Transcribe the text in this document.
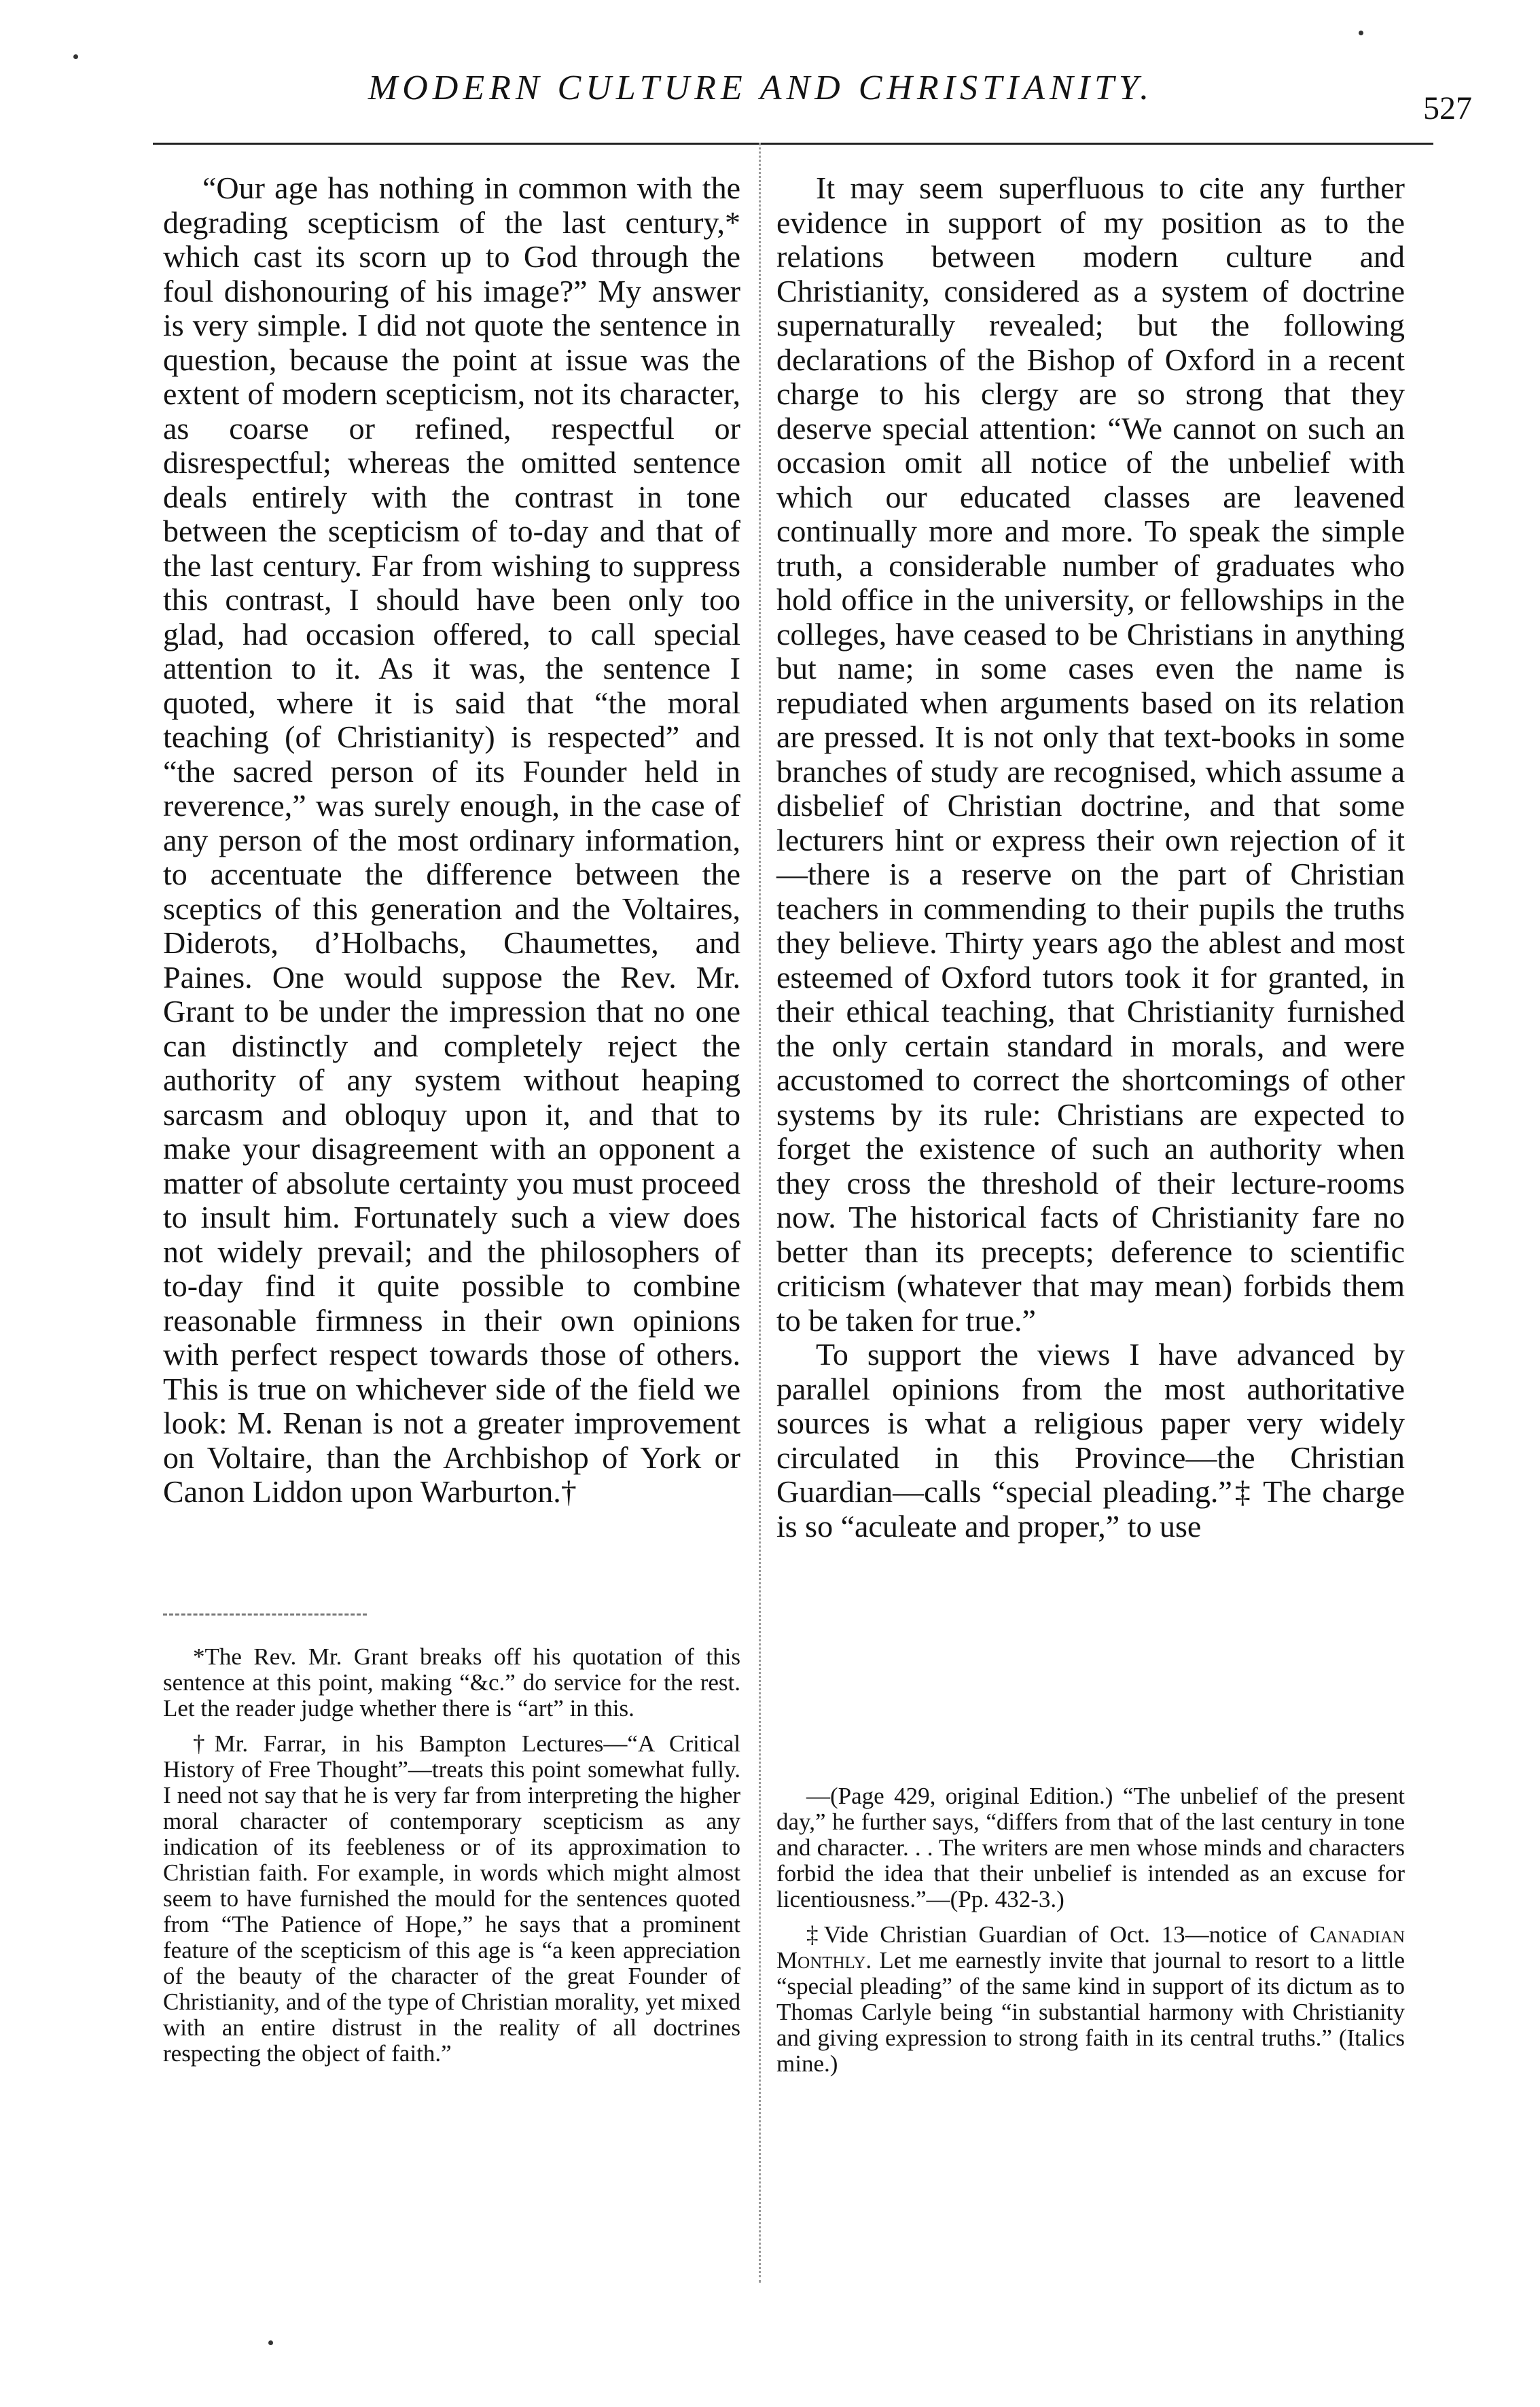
MODERN CULTURE AND CHRISTIANITY.
527

“Our age has nothing in common with the degrading scepticism of the last century,* which cast its scorn up to God through the foul dishonouring of his image?” My answer is very simple. I did not quote the sentence in question, because the point at issue was the extent of modern scepticism, not its character, as coarse or refined, respectful or disrespectful; whereas the omitted sentence deals entirely with the contrast in tone between the scepticism of to-day and that of the last century. Far from wishing to suppress this contrast, I should have been only too glad, had occasion offered, to call special attention to it. As it was, the sentence I quoted, where it is said that “the moral teaching (of Christianity) is respected” and “the sacred person of its Founder held in reverence,” was surely enough, in the case of any person of the most ordinary information, to accentuate the difference between the sceptics of this generation and the Voltaires, Diderots, d’Holbachs, Chaumettes, and Paines. One would suppose the Rev. Mr. Grant to be under the impression that no one can distinctly and completely reject the authority of any system without heaping sarcasm and obloquy upon it, and that to make your disagreement with an opponent a matter of absolute certainty you must proceed to insult him. Fortunately such a view does not widely prevail; and the philosophers of to-day find it quite possible to combine reasonable firmness in their own opinions with perfect respect towards those of others. This is true on whichever side of the field we look: M. Renan is not a greater improvement on Voltaire, than the Archbishop of York or Canon Liddon upon Warburton.†

It may seem superfluous to cite any further evidence in support of my position as to the relations between modern culture and Christianity, considered as a system of doctrine supernaturally revealed; but the following declarations of the Bishop of Oxford in a recent charge to his clergy are so strong that they deserve special attention: “We cannot on such an occasion omit all notice of the unbelief with which our educated classes are leavened continually more and more. To speak the simple truth, a considerable number of graduates who hold office in the university, or fellowships in the colleges, have ceased to be Christians in anything but name; in some cases even the name is repudiated when arguments based on its relation are pressed. It is not only that text-books in some branches of study are recognised, which assume a disbelief of Christian doctrine, and that some lecturers hint or express their own rejection of it—there is a reserve on the part of Christian teachers in commending to their pupils the truths they believe. Thirty years ago the ablest and most esteemed of Oxford tutors took it for granted, in their ethical teaching, that Christianity furnished the only certain standard in morals, and were accustomed to correct the shortcomings of other systems by its rule: Christians are expected to forget the existence of such an authority when they cross the threshold of their lecture-rooms now. The historical facts of Christianity fare no better than its precepts; deference to scientific criticism (whatever that may mean) forbids them to be taken for true.”

To support the views I have advanced by parallel opinions from the most authoritative sources is what a religious paper very widely circulated in this Province—the Christian Guardian—calls “special pleading.”‡ The charge is so “aculeate and proper,” to use

*The Rev. Mr. Grant breaks off his quotation of this sentence at this point, making “&c.” do service for the rest. Let the reader judge whether there is “art” in this.

†Mr. Farrar, in his Bampton Lectures—“A Critical History of Free Thought”—treats this point somewhat fully. I need not say that he is very far from interpreting the higher moral character of contemporary scepticism as any indication of its feebleness or of its approximation to Christian faith. For example, in words which might almost seem to have furnished the mould for the sentences quoted from “The Patience of Hope,” he says that a prominent feature of the scepticism of this age is “a keen appreciation of the beauty of the character of the great Founder of Christianity, and of the type of Christian morality, yet mixed with an entire distrust in the reality of all doctrines respecting the object of faith.”

—(Page 429, original Edition.) “The unbelief of the present day,” he further says, “differs from that of the last century in tone and character. . . The writers are men whose minds and characters forbid the idea that their unbelief is intended as an excuse for licentiousness.”—(Pp. 432-3.)

‡Vide Christian Guardian of Oct. 13—notice of Canadian Monthly. Let me earnestly invite that journal to resort to a little “special pleading” of the same kind in support of its dictum as to Thomas Carlyle being “in substantial harmony with Christianity and giving expression to strong faith in its central truths.” (Italics mine.)
